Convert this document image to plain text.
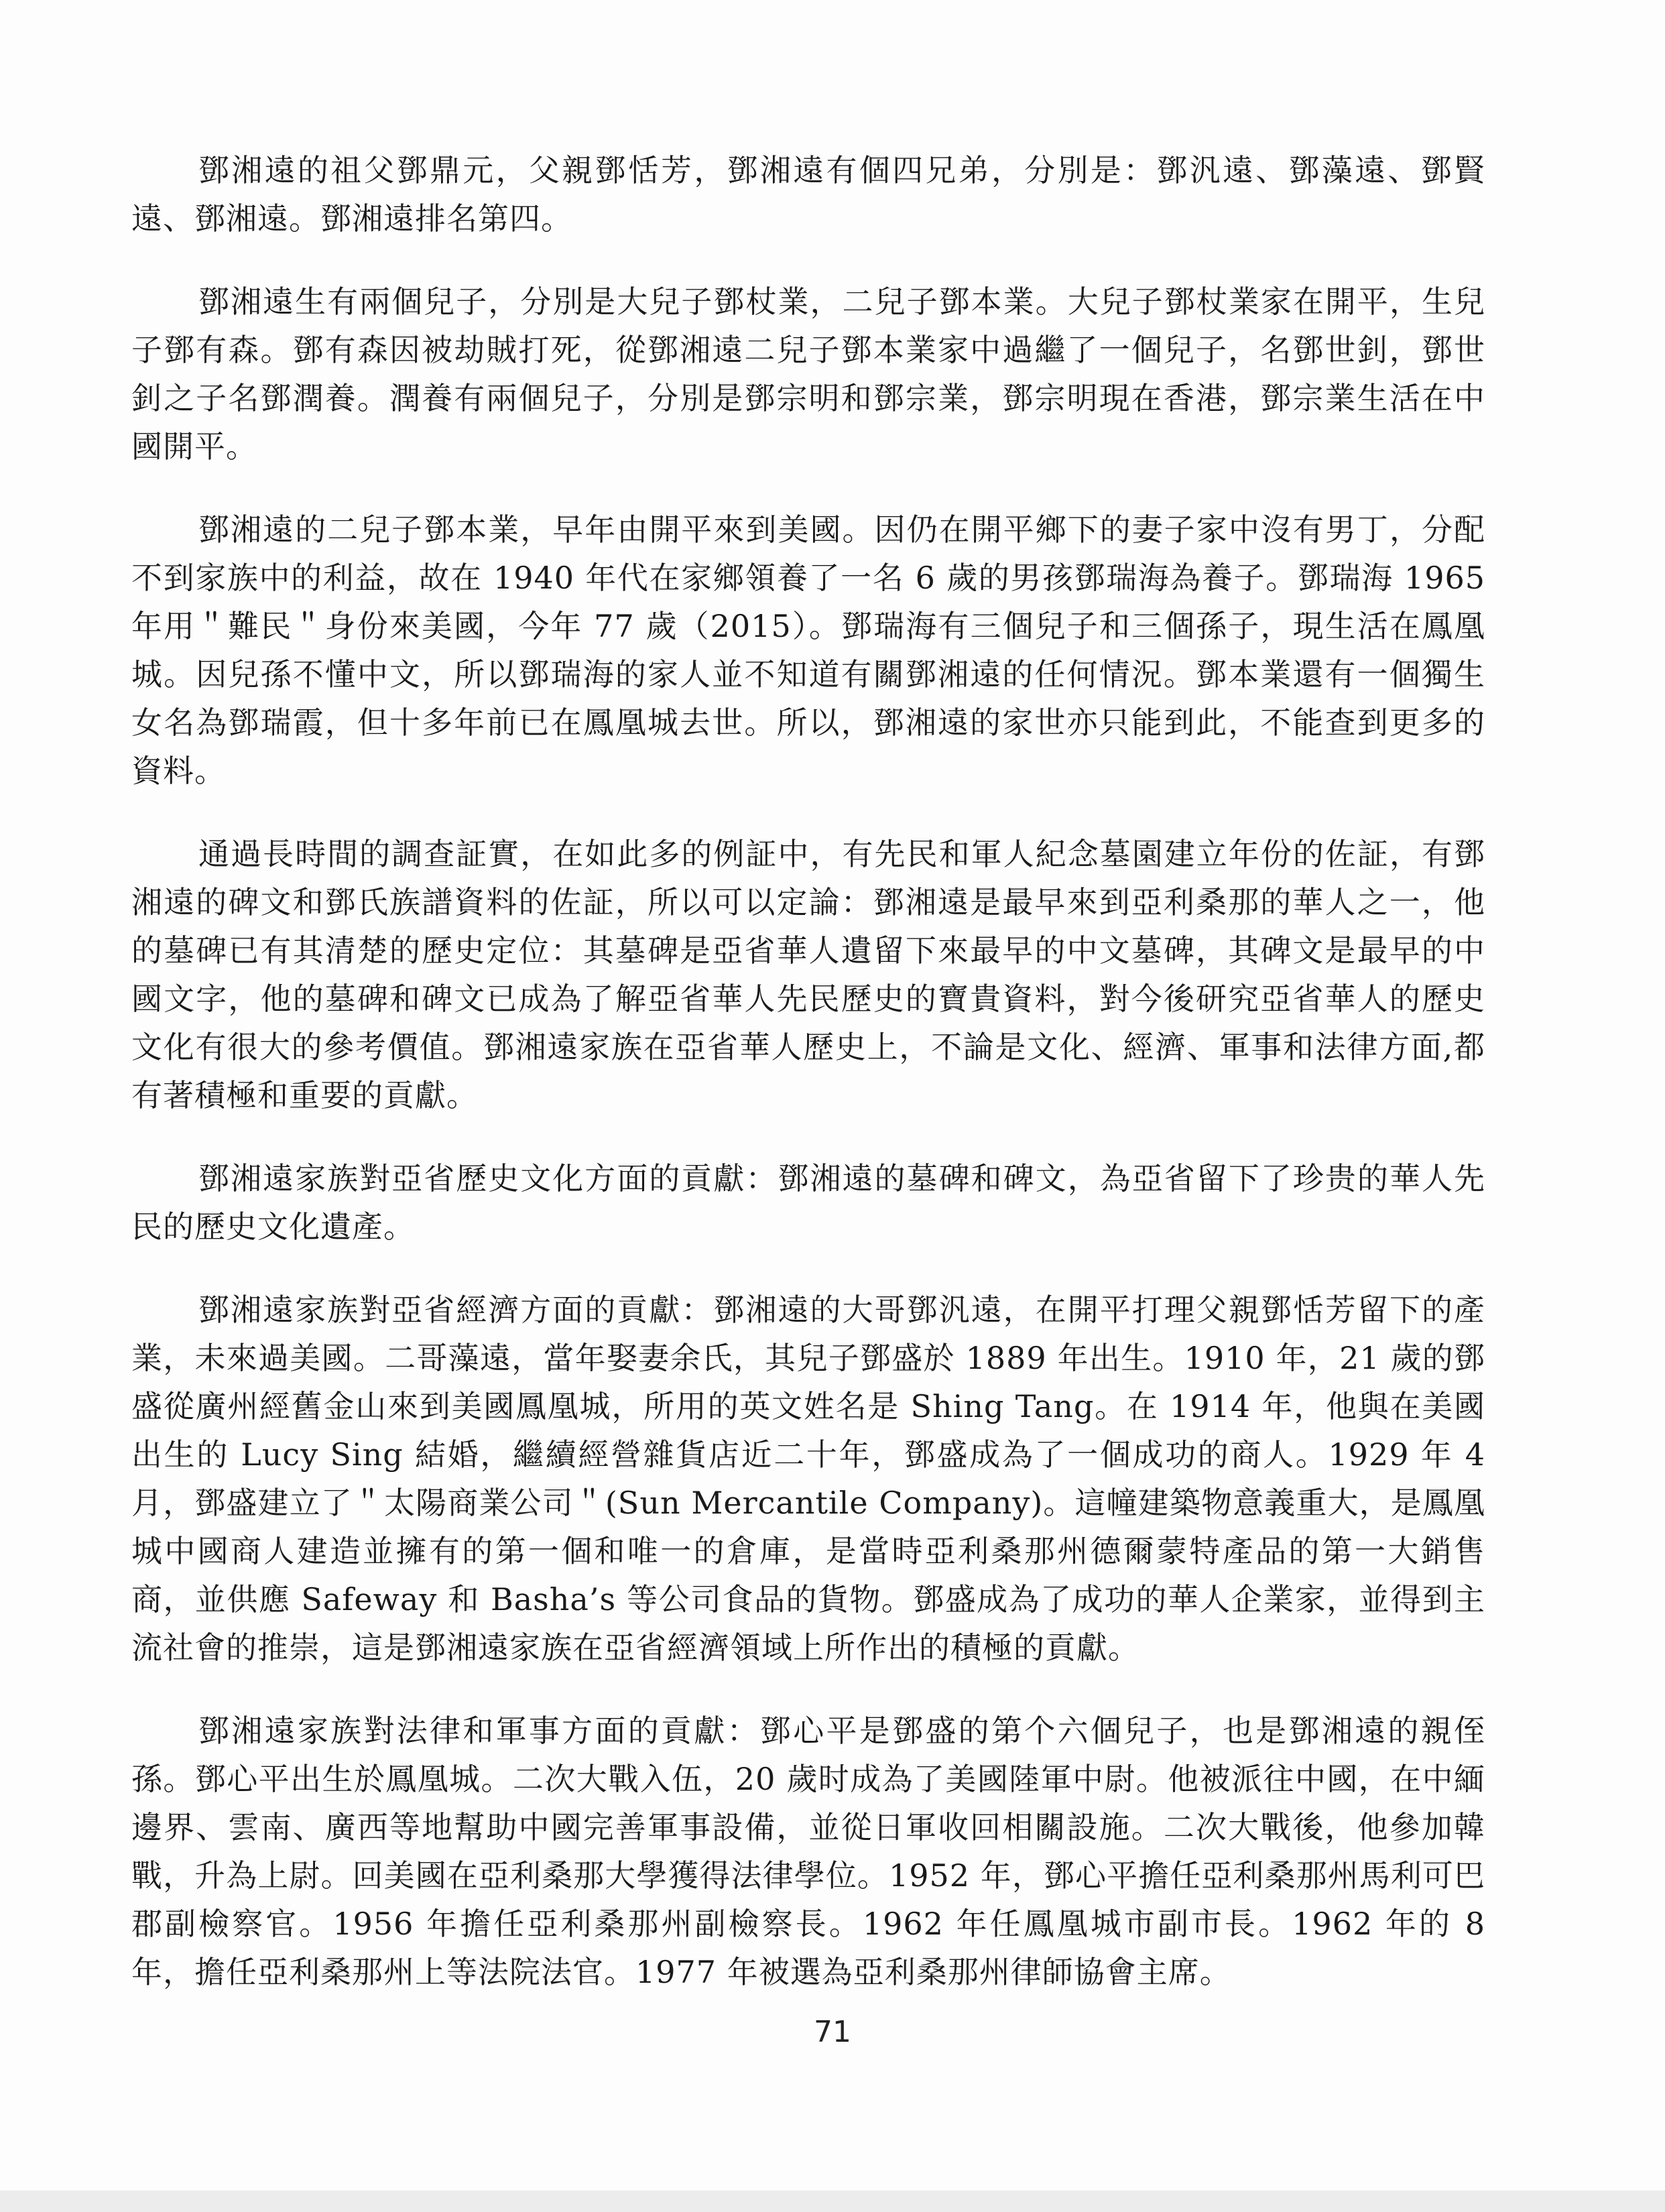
鄧湘遠的祖父鄧鼎元，父親鄧恬芳，鄧湘遠有個四兄弟，分別是：鄧汎遠、鄧藻遠、鄧賢遠、鄧湘遠。鄧湘遠排名第四。

鄧湘遠生有兩個兒子，分別是大兒子鄧杖業，二兒子鄧本業。大兒子鄧杖業家在開平，生兒子鄧有森。鄧有森因被劫賊打死，從鄧湘遠二兒子鄧本業家中過繼了一個兒子，名鄧世釗，鄧世釗之子名鄧潤養。潤養有兩個兒子，分別是鄧宗明和鄧宗業，鄧宗明現在香港，鄧宗業生活在中國開平。

鄧湘遠的二兒子鄧本業，早年由開平來到美國。因仍在開平鄉下的妻子家中沒有男丁，分配不到家族中的利益，故在 1940 年代在家鄉領養了一名 6 歲的男孩鄧瑞海為養子。鄧瑞海 1965 年用＂難民＂身份來美國，今年 77 歲（2015）。鄧瑞海有三個兒子和三個孫子，現生活在鳳凰城。因兒孫不懂中文，所以鄧瑞海的家人並不知道有關鄧湘遠的任何情況。鄧本業還有一個獨生女名為鄧瑞霞，但十多年前已在鳳凰城去世。所以，鄧湘遠的家世亦只能到此，不能查到更多的資料。

通過長時間的調查証實，在如此多的例証中，有先民和軍人紀念墓園建立年份的佐証，有鄧湘遠的碑文和鄧氏族譜資料的佐証，所以可以定論：鄧湘遠是最早來到亞利桑那的華人之一，他的墓碑已有其清楚的歷史定位：其墓碑是亞省華人遺留下來最早的中文墓碑，其碑文是最早的中國文字，他的墓碑和碑文已成為了解亞省華人先民歷史的寶貴資料，對今後研究亞省華人的歷史文化有很大的參考價值。鄧湘遠家族在亞省華人歷史上，不論是文化、經濟、軍事和法律方面,都有著積極和重要的貢獻。

鄧湘遠家族對亞省歷史文化方面的貢獻：鄧湘遠的墓碑和碑文，為亞省留下了珍贵的華人先民的歷史文化遺產。

鄧湘遠家族對亞省經濟方面的貢獻：鄧湘遠的大哥鄧汎遠，在開平打理父親鄧恬芳留下的產業，未來過美國。二哥藻遠，當年娶妻余氏，其兒子鄧盛於 1889 年出生。1910 年，21 歲的鄧盛從廣州經舊金山來到美國鳳凰城，所用的英文姓名是 Shing Tang。在 1914 年，他與在美國出生的 Lucy Sing 結婚，繼續經營雜貨店近二十年，鄧盛成為了一個成功的商人。1929 年 4 月，鄧盛建立了＂太陽商業公司＂(Sun Mercantile Company)。這幢建築物意義重大，是鳳凰城中國商人建造並擁有的第一個和唯一的倉庫，是當時亞利桑那州德爾蒙特產品的第一大銷售商，並供應 Safeway 和 Basha’s 等公司食品的貨物。鄧盛成為了成功的華人企業家，並得到主流社會的推崇，這是鄧湘遠家族在亞省經濟領域上所作出的積極的貢獻。

鄧湘遠家族對法律和軍事方面的貢獻：鄧心平是鄧盛的第个六個兒子，也是鄧湘遠的親侄孫。鄧心平出生於鳳凰城。二次大戰入伍，20 歲时成為了美國陸軍中尉。他被派往中國，在中緬邊界、雲南、廣西等地幫助中國完善軍事設備，並從日軍收回相關設施。二次大戰後，他參加韓戰，升為上尉。回美國在亞利桑那大學獲得法律學位。1952 年，鄧心平擔任亞利桑那州馬利可巴郡副檢察官。1956 年擔任亞利桑那州副檢察長。1962 年任鳳凰城市副市長。1962 年的 8 年，擔任亞利桑那州上等法院法官。1977 年被選為亞利桑那州律師協會主席。

71
